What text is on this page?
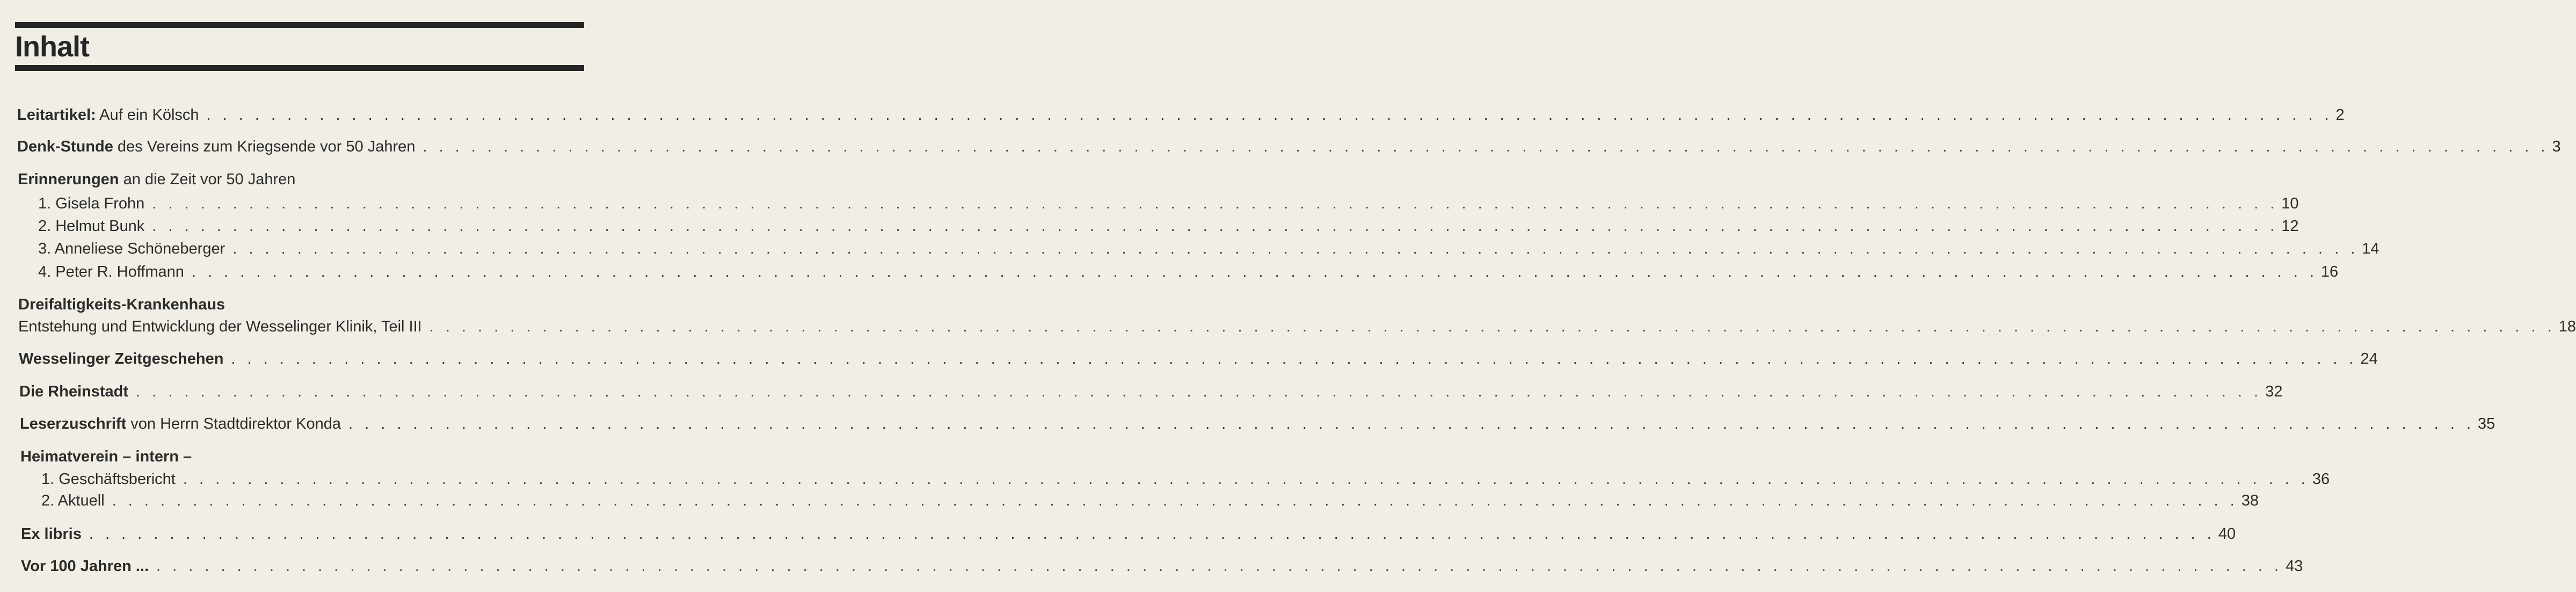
Inhalt
Leitartikel: Auf ein Kölsch . . .	2
Denk-Stunde des Vereins zum Kriegsende vor 50 Jahren . . .	3
Erinnerungen an die Zeit vor 50 Jahren
1. Gisela Frohn . . .	10
2. Helmut Bunk . . .	12
3. Anneliese Schöneberger . . .	14
4. Peter R. Hoffmann . . .	16
Dreifaltigkeits-Krankenhaus
Entstehung und Entwicklung der Wesselinger Klinik, Teil III . . .	18
Wesselinger Zeitgeschehen . . .	24
Die Rheinstadt . . .	32
Leserzuschrift von Herrn Stadtdirektor Konda . . .	35
Heimatverein – intern –
1. Geschäftsbericht . . .	36
2. Aktuell . . .	38
Ex libris . . .	40
Vor 100 Jahren ... . . .	43
